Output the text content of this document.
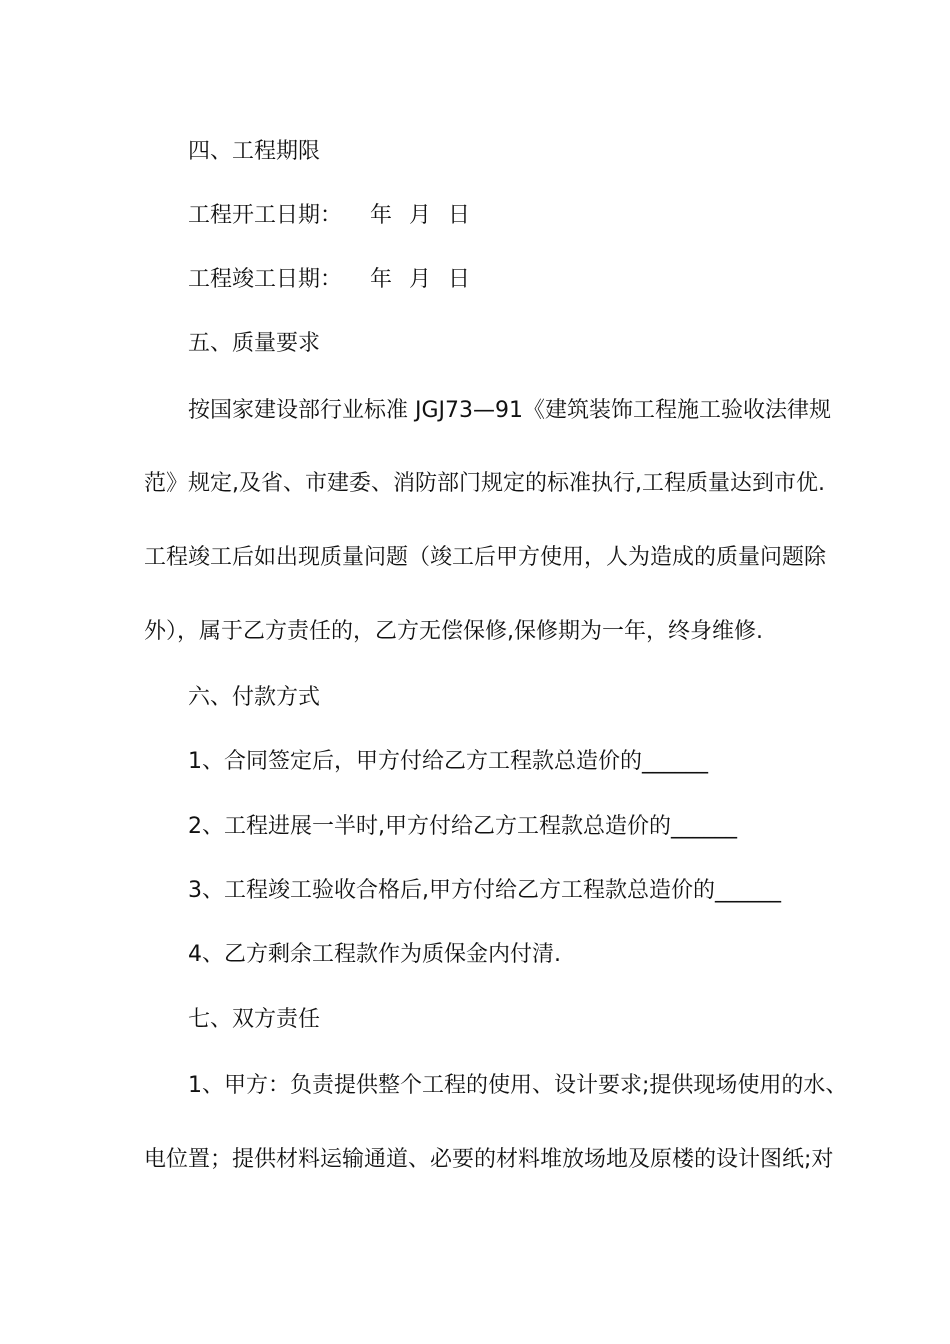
四、工程期限
工程开工日期：	年 月 日
工程竣工日期：	年 月 日
五、质量要求
按国家建设部行业标准 JGJ73—91《建筑装饰工程施工验收法律规
范》规定,及省、市建委、消防部门规定的标准执行,工程质量达到市优.
工程竣工后如出现质量问题（竣工后甲方使用，人为造成的质量问题除
外），属于乙方责任的，乙方无偿保修,保修期为一年，终身维修.
六、付款方式
1、合同签定后，甲方付给乙方工程款总造价的______
2、工程进展一半时,甲方付给乙方工程款总造价的______
3、工程竣工验收合格后,甲方付给乙方工程款总造价的______
4、乙方剩余工程款作为质保金内付清.
七、双方责任
1、甲方：负责提供整个工程的使用、设计要求;提供现场使用的水、
电位置；提供材料运输通道、必要的材料堆放场地及原楼的设计图纸;对
